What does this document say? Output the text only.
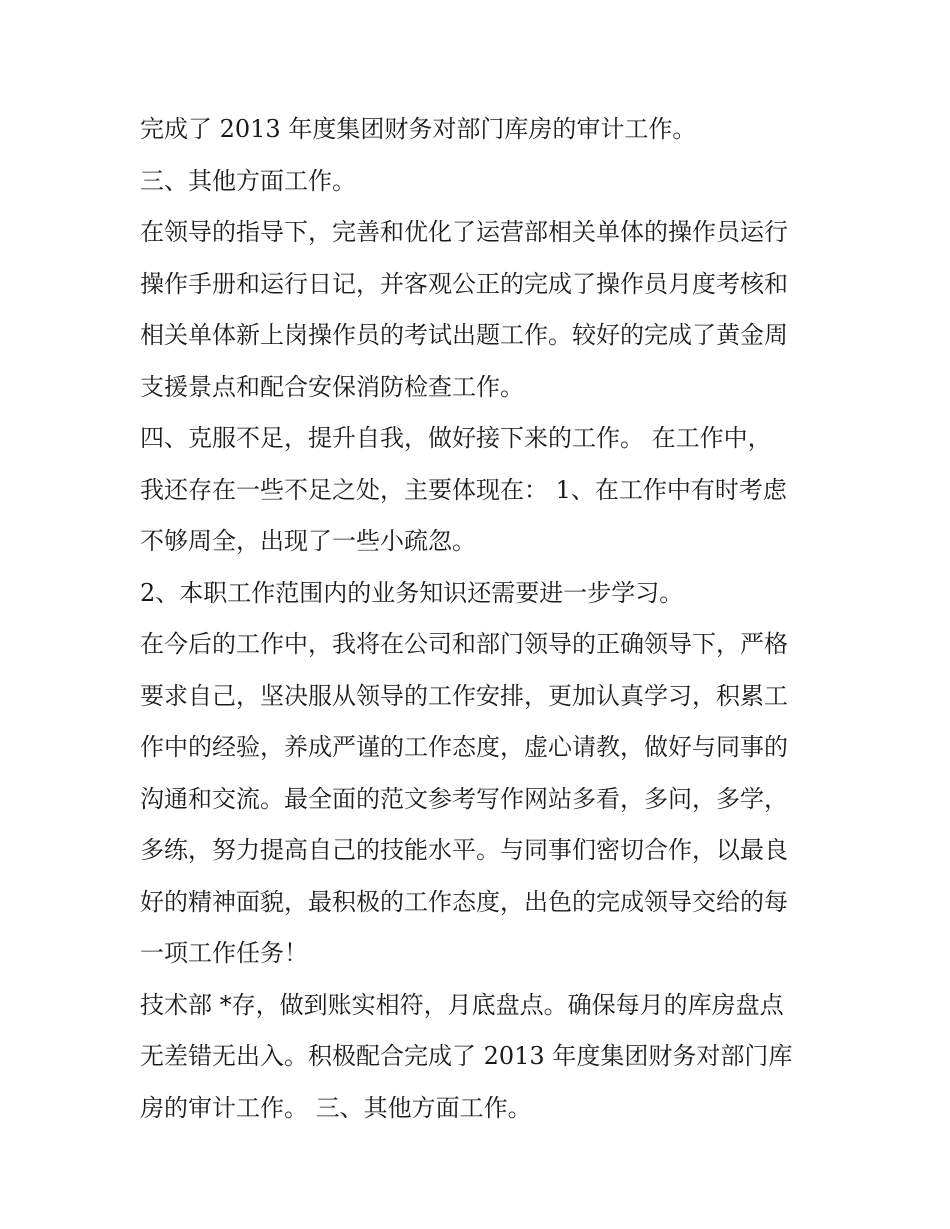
完成了 2013 年度集团财务对部门库房的审计工作。

三、其他方面工作。

在领导的指导下，完善和优化了运营部相关单体的操作员运行

操作手册和运行日记，并客观公正的完成了操作员月度考核和

相关单体新上岗操作员的考试出题工作。较好的完成了黄金周

支援景点和配合安保消防检查工作。

四、克服不足，提升自我，做好接下来的工作。 在工作中，

我还存在一些不足之处，主要体现在： 1、在工作中有时考虑

不够周全，出现了一些小疏忽。

2、本职工作范围内的业务知识还需要进一步学习。

在今后的工作中，我将在公司和部门领导的正确领导下，严格

要求自己，坚决服从领导的工作安排，更加认真学习，积累工

作中的经验，养成严谨的工作态度，虚心请教，做好与同事的

沟通和交流。最全面的范文参考写作网站多看，多问，多学，

多练，努力提高自己的技能水平。与同事们密切合作，以最良

好的精神面貌，最积极的工作态度，出色的完成领导交给的每

一项工作任务！

技术部 *存，做到账实相符，月底盘点。确保每月的库房盘点

无差错无出入。积极配合完成了 2013 年度集团财务对部门库

房的审计工作。 三、其他方面工作。
